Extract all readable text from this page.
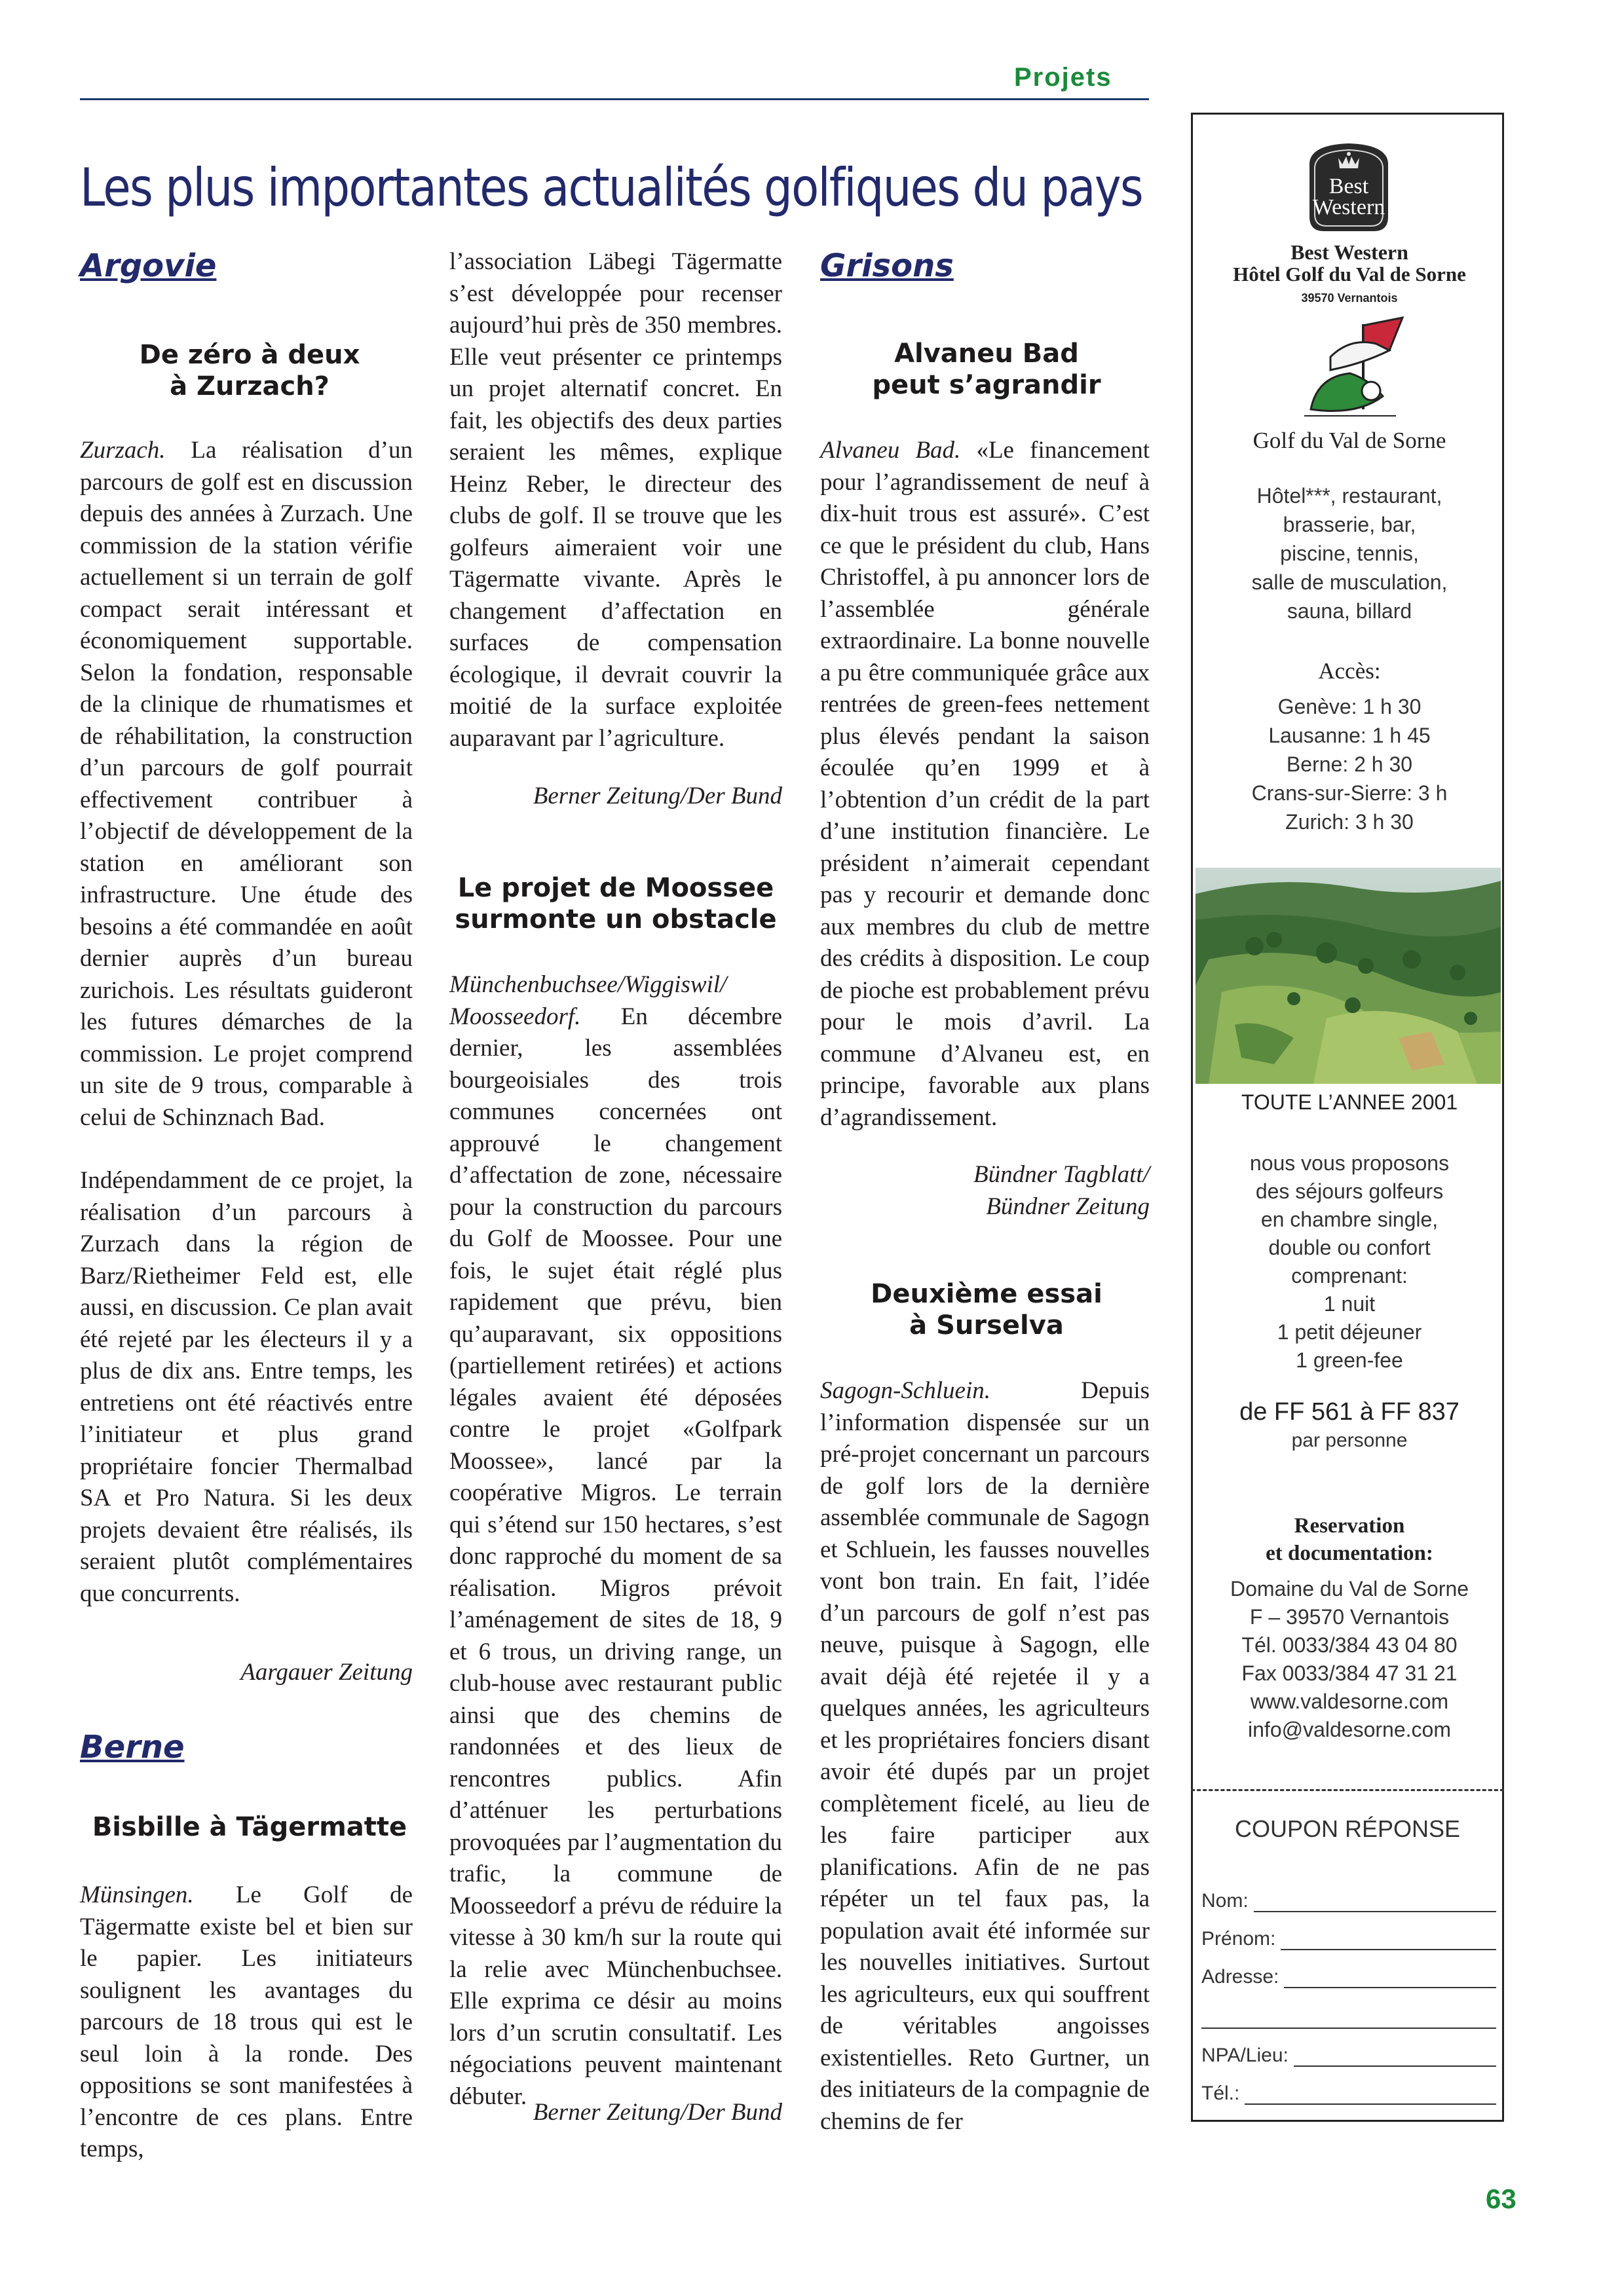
Projets
Les plus importantes actualités golfiques du pays
Argovie
De zéro à deux
à Zurzach?

Zurzach. La réalisation d’un parcours de golf est en discussion depuis des années à Zurzach. Une commission de la station vérifie actuellement si un terrain de golf compact serait intéressant et économiquement supportable. Selon la fondation, responsable de la clinique de rhumatismes et de réhabilitation, la construction d’un parcours de golf pourrait effectivement contribuer à l’objectif de développement de la station en améliorant son infrastructure. Une étude des besoins a été commandée en août dernier auprès d’un bureau zurichois. Les résultats guideront les futures démarches de la commission. Le projet comprend un site de 9 trous, comparable à celui de Schinznach Bad.

Indépendamment de ce projet, la réalisation d’un parcours à Zurzach dans la région de Barz/Rietheimer Feld est, elle aussi, en discussion. Ce plan avait été rejeté par les électeurs il y a plus de dix ans. Entre temps, les entretiens ont été réactivés entre l’initiateur et plus grand propriétaire foncier Thermalbad SA et Pro Natura. Si les deux projets devaient être réalisés, ils seraient plutôt complémentaires que concurrents.

Aargauer Zeitung
Berne
Bisbille à Tägermatte

Münsingen. Le Golf de Tägermatte existe bel et bien sur le papier. Les initiateurs soulignent les avantages du parcours de 18 trous qui est le seul loin à la ronde. Des oppositions se sont manifestées à l’encontre de ces plans. Entre temps,

l’association Läbegi Tägermatte s’est développée pour recenser aujourd’hui près de 350 membres. Elle veut présenter ce printemps un projet alternatif concret. En fait, les objectifs des deux parties seraient les mêmes, explique Heinz Reber, le directeur des clubs de golf. Il se trouve que les golfeurs aimeraient voir une Tägermatte vivante. Après le changement d’affectation en surfaces de compensation écologique, il devrait couvrir la moitié de la surface exploitée auparavant par l’agriculture.

Berner Zeitung/Der Bund
Le projet de Moossee
surmonte un obstacle

Münchenbuchsee/Wiggiswil/ Moosseedorf. En décembre dernier, les assemblées bourgeoisiales des trois communes concernées ont approuvé le changement d’affectation de zone, nécessaire pour la construction du parcours du Golf de Moossee. Pour une fois, le sujet était réglé plus rapidement que prévu, bien qu’auparavant, six oppositions (partiellement retirées) et actions légales avaient été déposées contre le projet «Golfpark Moossee», lancé par la coopérative Migros. Le terrain qui s’étend sur 150 hectares, s’est donc rapproché du moment de sa réalisation. Migros prévoit l’aménagement de sites de 18, 9 et 6 trous, un driving range, un club-house avec restaurant public ainsi que des chemins de randonnées et des lieux de rencontres publics. Afin d’atténuer les perturbations provoquées par l’augmentation du trafic, la commune de Moosseedorf a prévu de réduire la vitesse à 30 km/h sur la route qui la relie avec Münchenbuchsee. Elle exprima ce désir au moins lors d’un scrutin consultatif. Les négociations peuvent maintenant débuter.

Berner Zeitung/Der Bund
Grisons
Alvaneu Bad
peut s’agrandir

Alvaneu Bad. «Le financement pour l’agrandissement de neuf à dix-huit trous est assuré». C’est ce que le président du club, Hans Christoffel, à pu annoncer lors de l’assemblée générale extraordinaire. La bonne nouvelle a pu être communiquée grâce aux rentrées de green-fees nettement plus élevés pendant la saison écoulée qu’en 1999 et à l’obtention d’un crédit de la part d’une institution financière. Le président n’aimerait cependant pas y recourir et demande donc aux membres du club de mettre des crédits à disposition. Le coup de pioche est probablement prévu pour le mois d’avril. La commune d’Alvaneu est, en principe, favorable aux plans d’agrandissement.

Bündner Tagblatt/
Bündner Zeitung
Deuxième essai
à Surselva

Sagogn-Schluein. Depuis l’information dispensée sur un pré-projet concernant un parcours de golf lors de la dernière assemblée communale de Sagogn et Schluein, les fausses nouvelles vont bon train. En fait, l’idée d’un parcours de golf n’est pas neuve, puisque à Sagogn, elle avait déjà été rejetée il y a quelques années, les agriculteurs et les propriétaires fonciers disant avoir été dupés par un projet complètement ficelé, au lieu de les faire participer aux planifications. Afin de ne pas répéter un tel faux pas, la population avait été informée sur les nouvelles initiatives. Surtout les agriculteurs, eux qui souffrent de véritables angoisses existentielles. Reto Gurtner, un des initiateurs de la compagnie de chemins de fer

Best
Western
Best Western
Hôtel Golf du Val de Sorne
39570 Vernantois
Golf du Val de Sorne
Hôtel***, restaurant,
brasserie, bar,
piscine, tennis,
salle de musculation,
sauna, billard
Accès:
Genève: 1 h 30
Lausanne: 1 h 45
Berne: 2 h 30
Crans-sur-Sierre: 3 h
Zurich: 3 h 30
TOUTE L’ANNEE 2001
nous vous proposons
des séjours golfeurs
en chambre single,
double ou confort
comprenant:
1 nuit
1 petit déjeuner
1 green-fee
de FF 561 à FF 837
par personne
Reservation
et documentation:
Domaine du Val de Sorne
F – 39570 Vernantois
Tél. 0033/384 43 04 80
Fax 0033/384 47 31 21
www.valdesorne.com
info@valdesorne.com
COUPON RÉPONSE
Nom:
Prénom:
Adresse:
NPA/Lieu:
Tél.:
63
